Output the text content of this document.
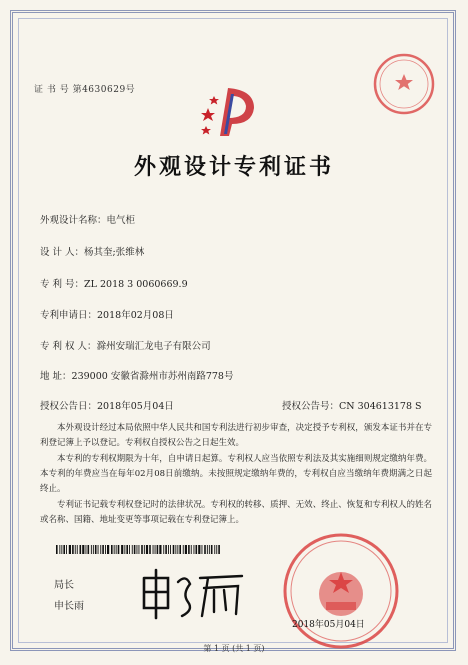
证 书 号 第4630629号
外观设计专利证书
外观设计名称：电气柜
设 计 人：杨其奎;张维林
专 利 号：ZL 2018 3 0060669.9
专利申请日：2018年02月08日
专 利 权 人：滁州安瑞汇龙电子有限公司
地 址：239000 安徽省滁州市苏州南路778号
授权公告日：2018年05月04日	授权公告号：CN 304613178 S
本外观设计经过本局依照中华人民共和国专利法进行初步审查，决定授予专利权，颁发本证书并在专利登记簿上予以登记。专利权自授权公告之日起生效。
本专利的专利权期限为十年，自申请日起算。专利权人应当依照专利法及其实施细则规定缴纳年费。本专利的年费应当在每年02月08日前缴纳。未按照规定缴纳年费的，专利权自应当缴纳年费期满之日起终止。
专利证书记载专利权登记时的法律状况。专利权的转移、质押、无效、终止、恢复和专利权人的姓名或名称、国籍、地址变更等事项记载在专利登记簿上。
局长
申长雨
2018年05月04日
第 1 页 (共 1 页)
